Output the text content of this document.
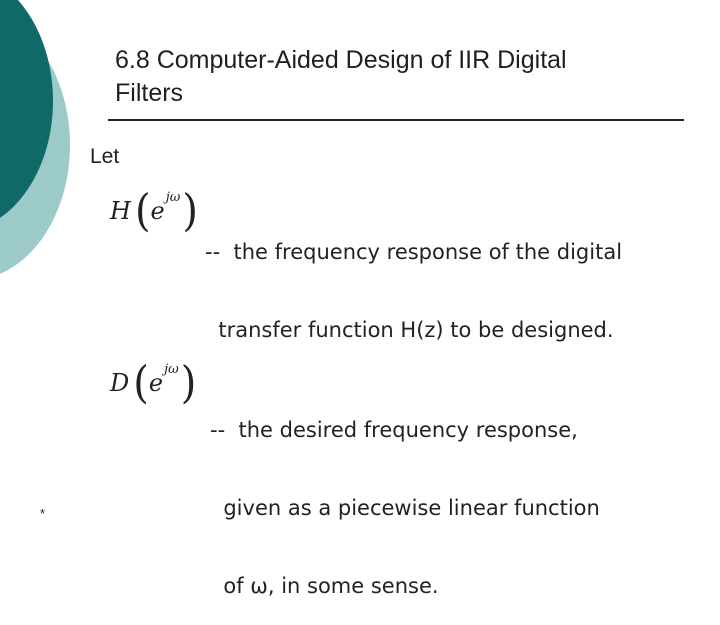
6.8 Computer-Aided Design of IIR Digital
Filters
Let
H ( e jω )

--  the frequency response of the digital

transfer function H(z) to be designed.

D ( e jω )

--  the desired frequency response,

given as a piecewise linear function

of ω, in some sense.

*
